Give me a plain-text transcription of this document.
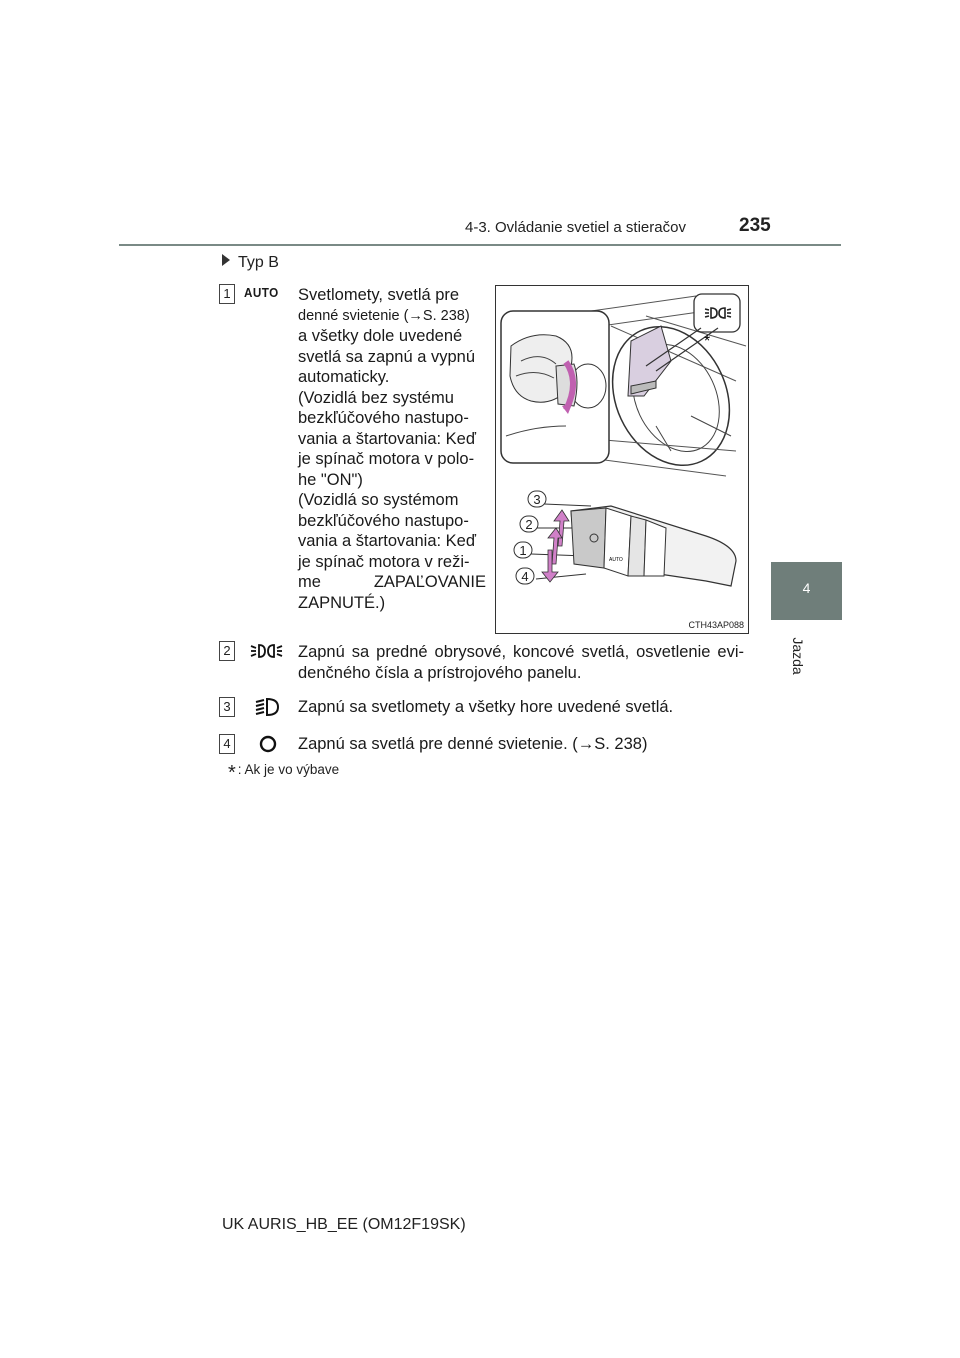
4-3. Ovládanie svetiel a stieračov	235
4
Jazda
Typ B
1	AUTO Svetlomety, svetlá pre
denné svietenie (→S. 238)
a všetky dole uvedené
svetlá sa zapnú a vypnú
automaticky.
(Vozidlá bez systému
bezkľúčového nastupo-
vania a štartovania: Keď
je spínač motora v polo-
he "ON")
(Vozidlá so systémom
bezkľúčového nastupo-
vania a štartovania: Keď
je spínač motora v reži-
me ZAPAĽOVANIE
ZAPNUTÉ.)
*
AUTO
3
2
1
4
CTH43AP088
2	Zapnú sa predné obrysové, koncové svetlá, osvetlenie evi-
denčného čísla a prístrojového panelu.
3	Zapnú sa svetlomety a všetky hore uvedené svetlá.
4	Zapnú sa svetlá pre denné svietenie. (→S. 238)
* : Ak je vo výbave
UK AURIS_HB_EE (OM12F19SK)
